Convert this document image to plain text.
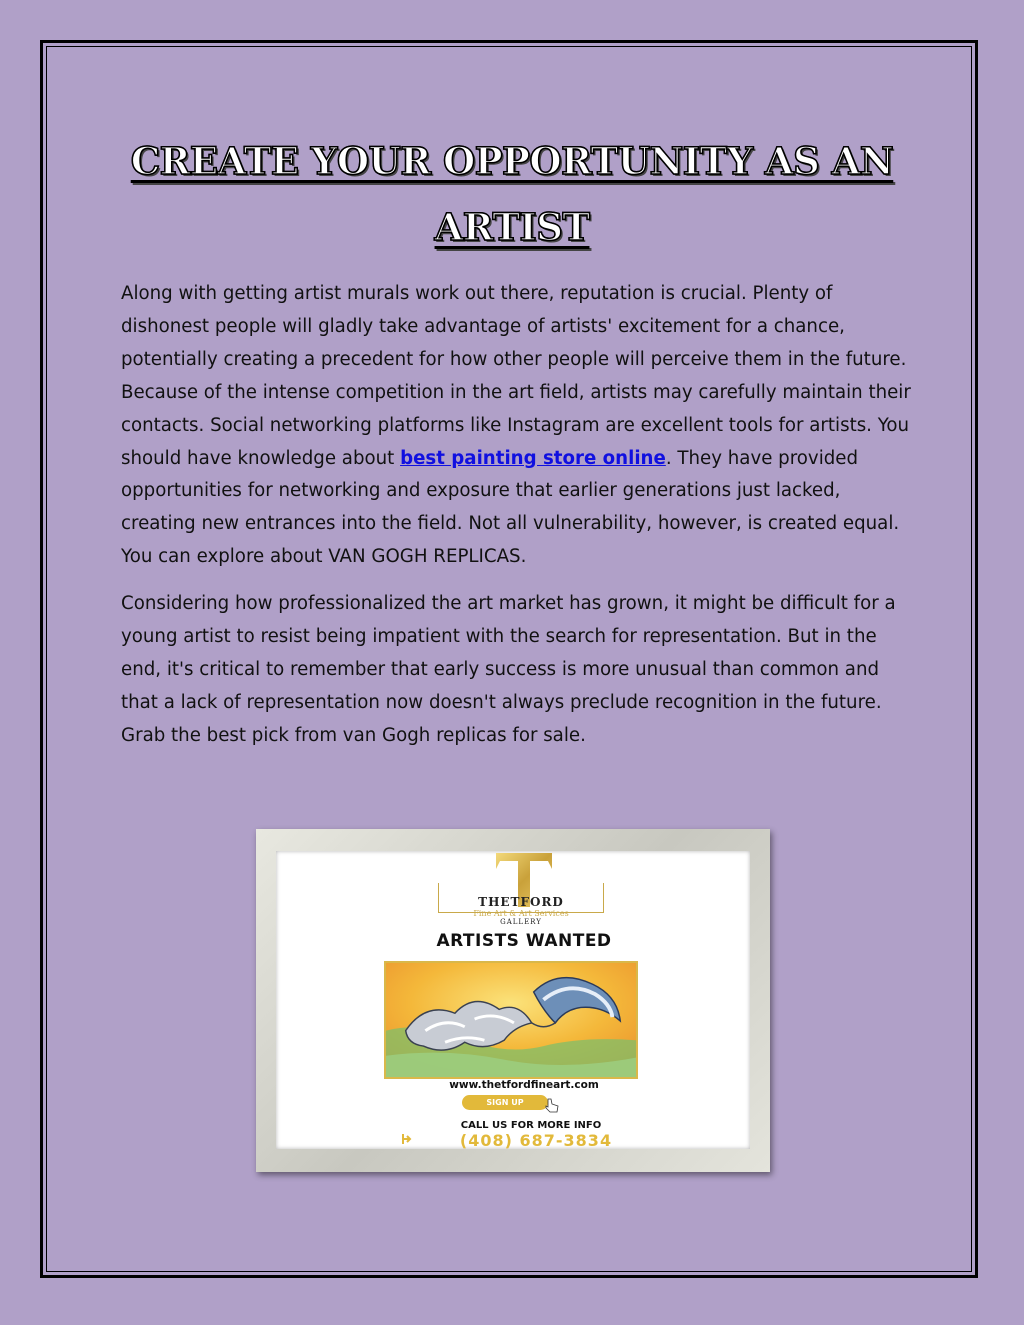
CREATE YOUR OPPORTUNITY AS AN
ARTIST

Along with getting artist murals work out there, reputation is crucial. Plenty of dishonest people will gladly take advantage of artists' excitement for a chance, potentially creating a precedent for how other people will perceive them in the future. Because of the intense competition in the art field, artists may carefully maintain their contacts. Social networking platforms like Instagram are excellent tools for artists. You should have knowledge about best painting store online. They have provided opportunities for networking and exposure that earlier generations just lacked, creating new entrances into the field. Not all vulnerability, however, is created equal. You can explore about VAN GOGH REPLICAS.

Considering how professionalized the art market has grown, it might be difficult for a young artist to resist being impatient with the search for representation. But in the end, it's critical to remember that early success is more unusual than common and that a lack of representation now doesn't always preclude recognition in the future. Grab the best pick from van Gogh replicas for sale.

THETFORD
Fine Art & Art Services
GALLERY
ARTISTS WANTED
www.thetfordfineart.com
SIGN UP
CALL US FOR MORE INFO
(408) 687-3834
